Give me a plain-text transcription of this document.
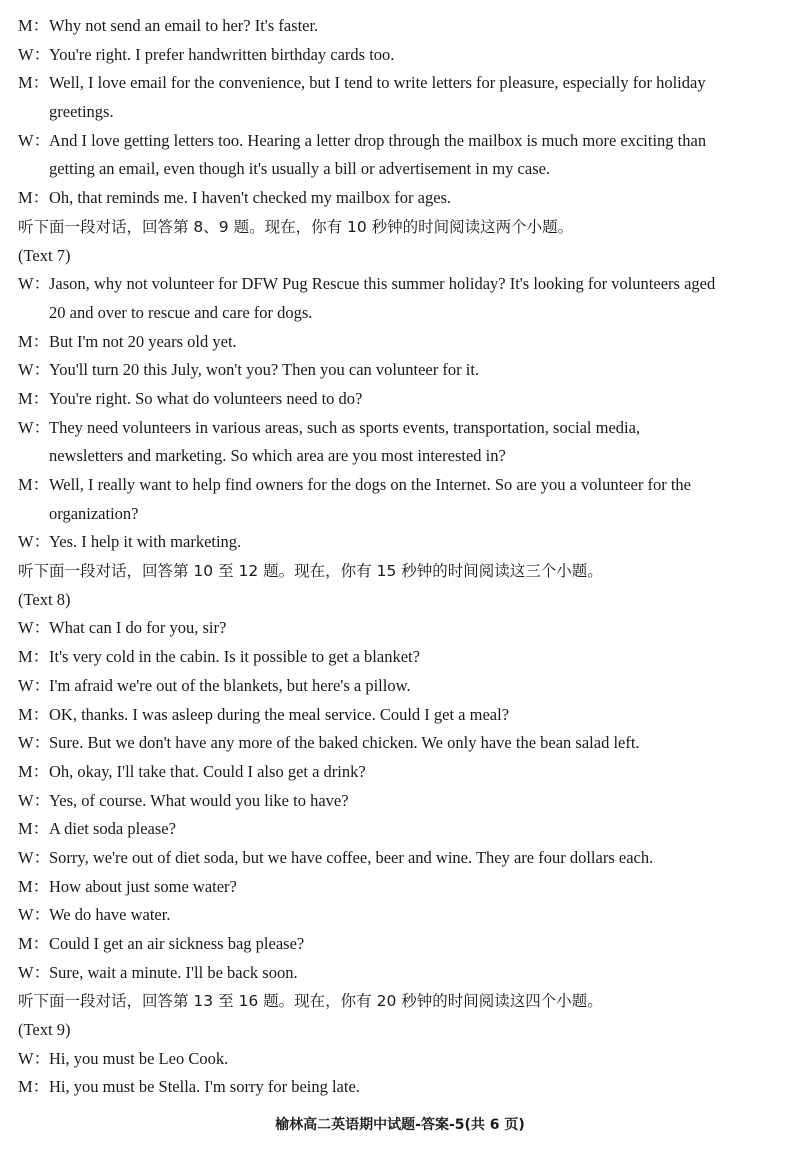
M： Why not send an email to her? It's faster.
W：
You're right. I prefer handwritten birthday cards too.
M： Well, I love email for the convenience, but I tend to write letters for pleasure, especially for holiday
greetings.
W：
And I love getting letters too. Hearing a letter drop through the mailbox is much more exciting than
getting an email, even though it's usually a bill or advertisement in my case.
M： Oh, that reminds me. I haven't checked my mailbox for ages.
听下面一段对话，回答第 8、9 题。现在，你有 10 秒钟的时间阅读这两个小题。
(Text 7)
W：
Jason, why not volunteer for DFW Pug Rescue this summer holiday? It's looking for volunteers aged
20 and over to rescue and care for dogs.
M： But I'm not 20 years old yet.
W：
You'll turn 20 this July, won't you? Then you can volunteer for it.
M： You're right. So what do volunteers need to do?
W：
They need volunteers in various areas, such as sports events, transportation, social media,
newsletters and marketing. So which area are you most interested in?
M： Well, I really want to help find owners for the dogs on the Internet. So are you a volunteer for the
organization?
W：
Yes. I help it with marketing.
听下面一段对话，回答第 10 至 12 题。现在，你有 15 秒钟的时间阅读这三个小题。
(Text 8)
W：
What can I do for you, sir?
M： It's very cold in the cabin. Is it possible to get a blanket?
W：
I'm afraid we're out of the blankets, but here's a pillow.
M： OK, thanks. I was asleep during the meal service. Could I get a meal?
W：
Sure. But we don't have any more of the baked chicken. We only have the bean salad left.
M： Oh, okay, I'll take that. Could I also get a drink?
W：
Yes, of course. What would you like to have?
M： A diet soda please?
W：
Sorry, we're out of diet soda, but we have coffee, beer and wine. They are four dollars each.
M： How about just some water?
W：
We do have water.
M： Could I get an air sickness bag please?
W：
Sure, wait a minute. I'll be back soon.
听下面一段对话，回答第 13 至 16 题。现在，你有 20 秒钟的时间阅读这四个小题。
(Text 9)
W：
Hi, you must be Leo Cook.
M： Hi, you must be Stella. I'm sorry for being late.
榆林高二英语期中试题-答案-5(共 6 页)
